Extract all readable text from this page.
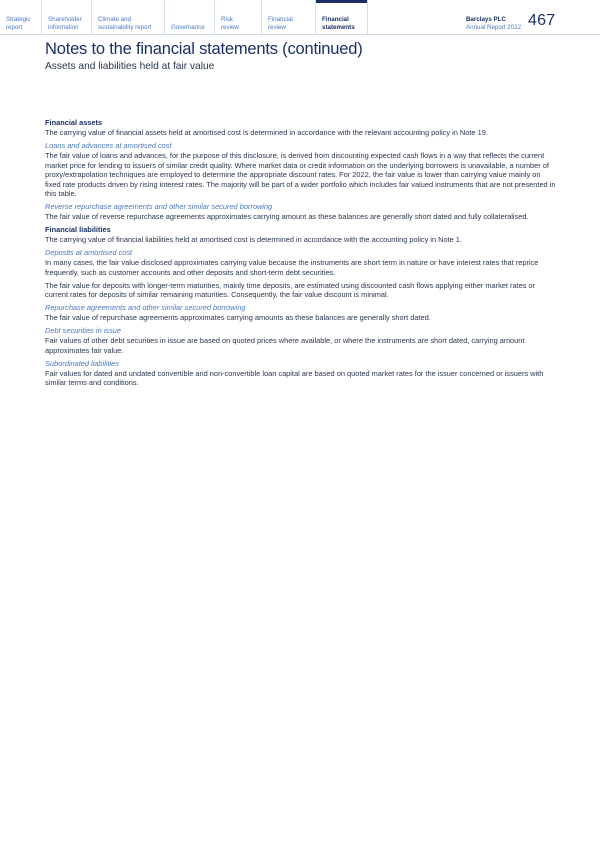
Strategic
report
Shareholder
information
Climate and
sustainability report
	Governance
Risk
review
Financial
review
Financial
statements
Barclays PLC
Annual Report 2022 467
Notes to the financial statements (continued)
Assets and liabilities held at fair value

Financial assets

The carrying value of financial assets held at amortised cost is determined in accordance with the relevant accounting policy in Note 19.

Loans and advances at amortised cost

The fair value of loans and advances, for the purpose of this disclosure, is derived from discounting expected cash flows in a way that reflects the current market price for lending to issuers of similar credit quality. Where market data or credit information on the underlying borrowers is unavailable, a number of proxy/extrapolation techniques are employed to determine the appropriate discount rates. For 2022, the fair value is lower than carrying value mainly on fixed rate products driven by rising interest rates. The majority will be part of a wider portfolio which includes fair valued instruments that are not presented in this table.

Reverse repurchase agreements and other similar secured borrowing

The fair value of reverse repurchase agreements approximates carrying amount as these balances are generally short dated and fully collateralised.

Financial liabilities

The carrying value of financial liabilities held at amortised cost is determined in accordance with the accounting policy in Note 1.

Deposits at amortised cost

In many cases, the fair value disclosed approximates carrying value because the instruments are short term in nature or have interest rates that reprice frequently, such as customer accounts and other deposits and short-term debt securities.

The fair value for deposits with longer-term maturities, mainly time deposits, are estimated using discounted cash flows applying either market rates or current rates for deposits of similar remaining maturities. Consequently, the fair value discount is minimal.

Repurchase agreements and other similar secured borrowing

The fair value of repurchase agreements approximates carrying amounts as these balances are generally short dated.

Debt securities in issue

Fair values of other debt securities in issue are based on quoted prices where available, or where the instruments are short dated, carrying amount approximates fair value.

Subordinated liabilities

Fair values for dated and undated convertible and non-convertible loan capital are based on quoted market rates for the issuer concerned or issuers with similar terms and conditions.
